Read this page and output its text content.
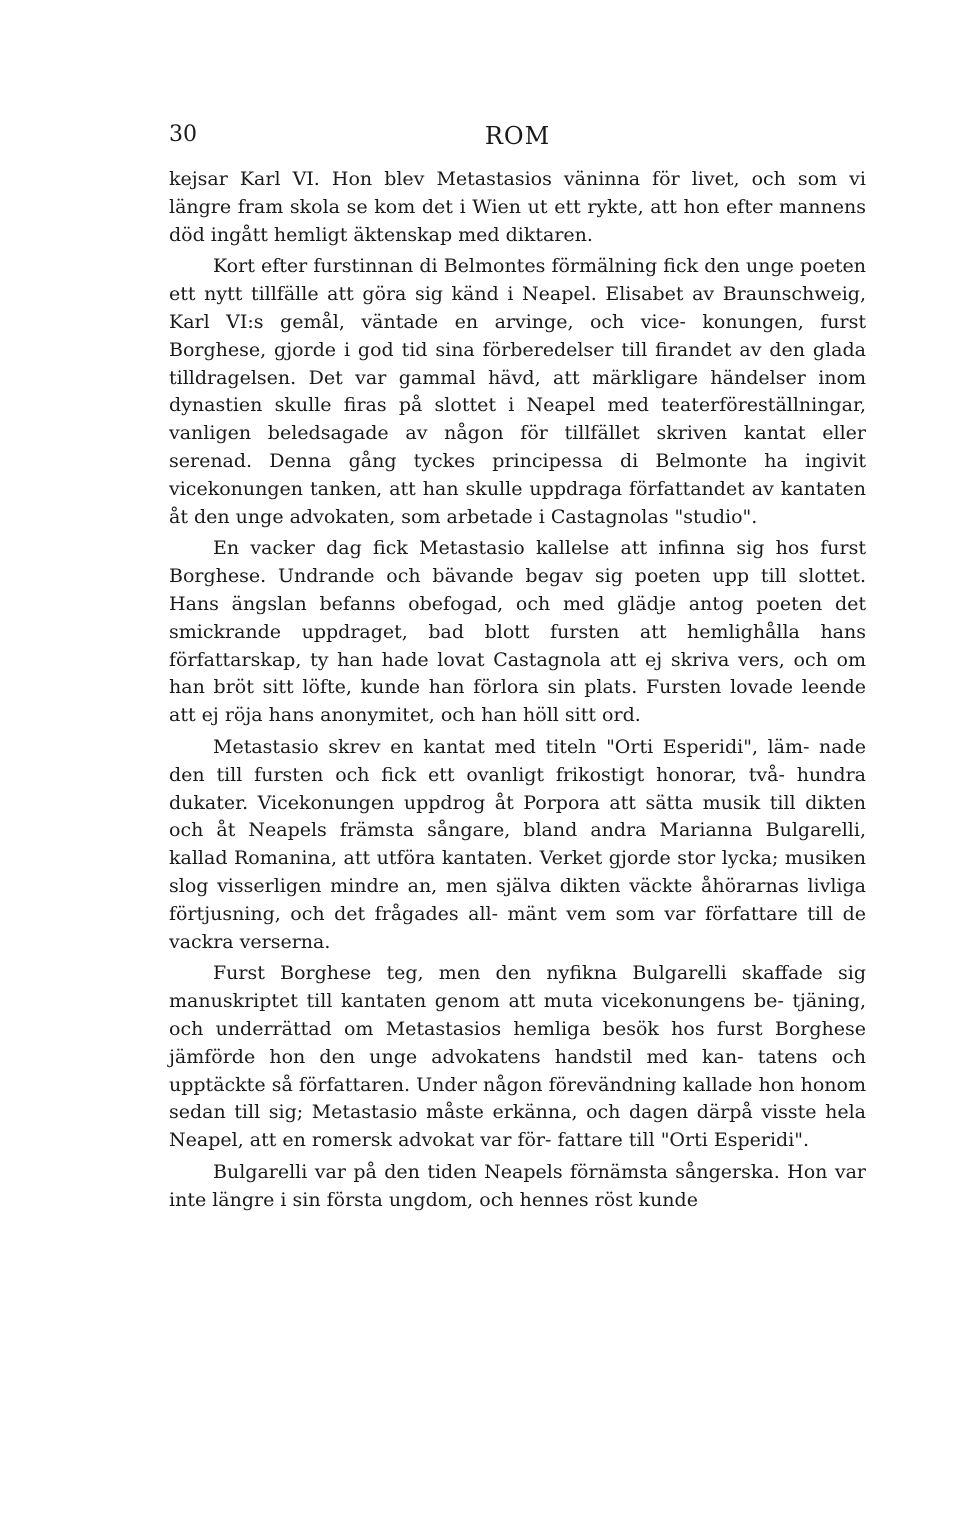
30	ROM

kejsar Karl VI. Hon blev Metastasios väninna för livet, och som vi längre fram skola se kom det i Wien ut ett rykte, att hon efter mannens död ingått hemligt äktenskap med diktaren.

Kort efter furstinnan di Belmontes förmälning fick den unge poeten ett nytt tillfälle att göra sig känd i Neapel. Elisabet av Braunschweig, Karl VI:s gemål, väntade en arvinge, och vice- konungen, furst Borghese, gjorde i god tid sina förberedelser till firandet av den glada tilldragelsen. Det var gammal hävd, att märkligare händelser inom dynastien skulle firas på slottet i Neapel med teaterföreställningar, vanligen beledsagade av någon för tillfället skriven kantat eller serenad. Denna gång tyckes principessa di Belmonte ha ingivit vicekonungen tanken, att han skulle uppdraga författandet av kantaten åt den unge advokaten, som arbetade i Castagnolas "studio".

En vacker dag fick Metastasio kallelse att infinna sig hos furst Borghese. Undrande och bävande begav sig poeten upp till slottet. Hans ängslan befanns obefogad, och med glädje antog poeten det smickrande uppdraget, bad blott fursten att hemlighålla hans författarskap, ty han hade lovat Castagnola att ej skriva vers, och om han bröt sitt löfte, kunde han förlora sin plats. Fursten lovade leende att ej röja hans anonymitet, och han höll sitt ord.

Metastasio skrev en kantat med titeln "Orti Esperidi", läm- nade den till fursten och fick ett ovanligt frikostigt honorar, två- hundra dukater. Vicekonungen uppdrog åt Porpora att sätta musik till dikten och åt Neapels främsta sångare, bland andra Marianna Bulgarelli, kallad Romanina, att utföra kantaten. Verket gjorde stor lycka; musiken slog visserligen mindre an, men själva dikten väckte åhörarnas livliga förtjusning, och det frågades all- mänt vem som var författare till de vackra verserna.

Furst Borghese teg, men den nyfikna Bulgarelli skaffade sig manuskriptet till kantaten genom att muta vicekonungens be- tjäning, och underrättad om Metastasios hemliga besök hos furst Borghese jämförde hon den unge advokatens handstil med kan- tatens och upptäckte så författaren. Under någon förevändning kallade hon honom sedan till sig; Metastasio måste erkänna, och dagen därpå visste hela Neapel, att en romersk advokat var för- fattare till "Orti Esperidi".

Bulgarelli var på den tiden Neapels förnämsta sångerska. Hon var inte längre i sin första ungdom, och hennes röst kunde
